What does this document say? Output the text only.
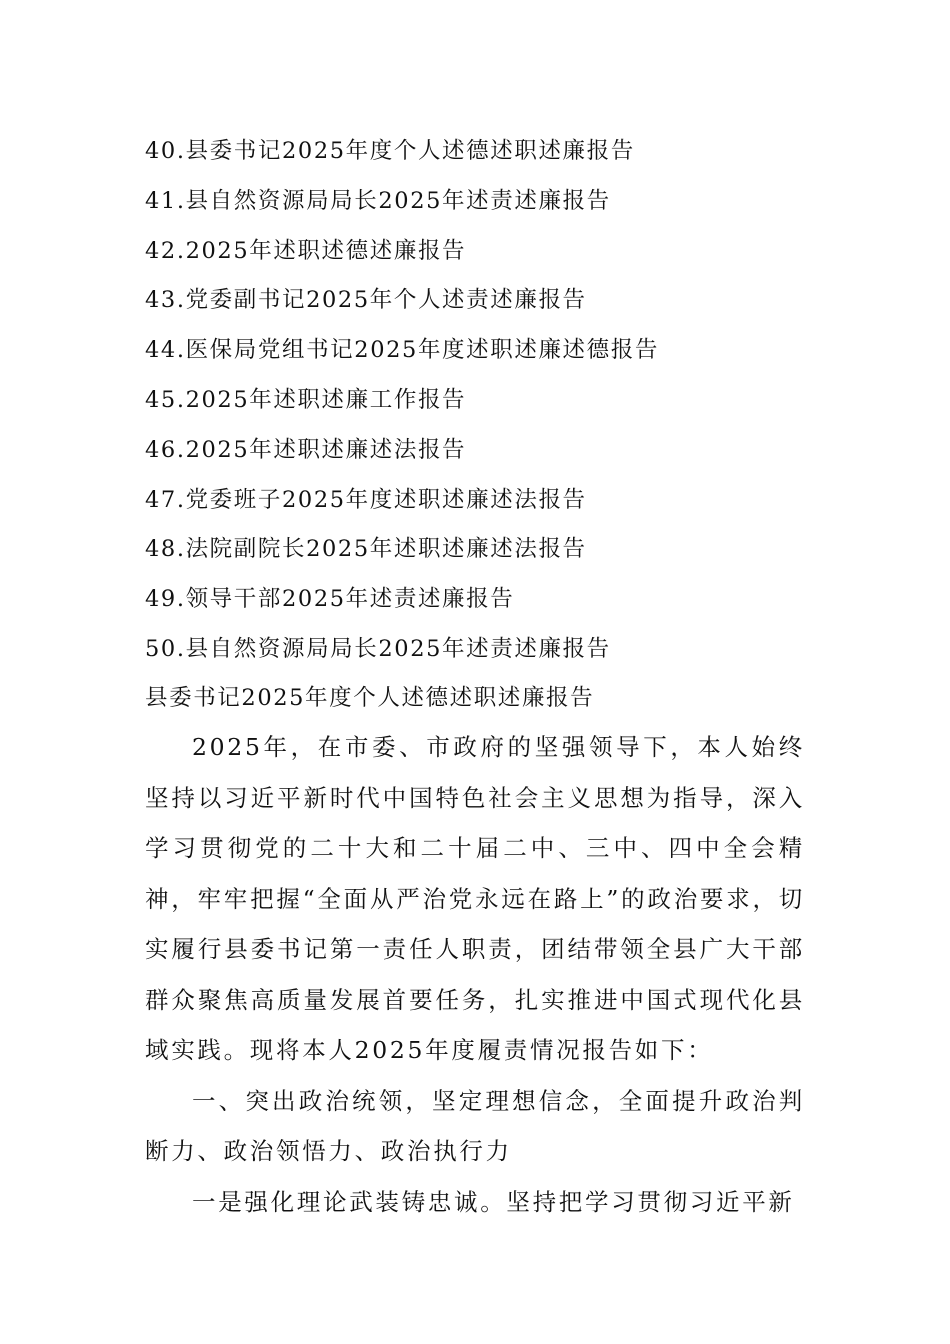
40.县委书记2025年度个人述德述职述廉报告
41.县自然资源局局长2025年述责述廉报告
42.2025年述职述德述廉报告
43.党委副书记2025年个人述责述廉报告
44.医保局党组书记2025年度述职述廉述德报告
45.2025年述职述廉工作报告
46.2025年述职述廉述法报告
47.党委班子2025年度述职述廉述法报告
48.法院副院长2025年述职述廉述法报告
49.领导干部2025年述责述廉报告
50.县自然资源局局长2025年述责述廉报告
县委书记2025年度个人述德述职述廉报告

2025年，在市委、市政府的坚强领导下，本人始终坚持以习近平新时代中国特色社会主义思想为指导，深入学习贯彻党的二十大和二十届二中、三中、四中全会精神，牢牢把握“全面从严治党永远在路上”的政治要求，切实履行县委书记第一责任人职责，团结带领全县广大干部群众聚焦高质量发展首要任务，扎实推进中国式现代化县域实践。现将本人2025年度履责情况报告如下：

一、突出政治统领，坚定理想信念，全面提升政治判断力、政治领悟力、政治执行力

一是强化理论武装铸忠诚。坚持把学习贯彻习近平新
